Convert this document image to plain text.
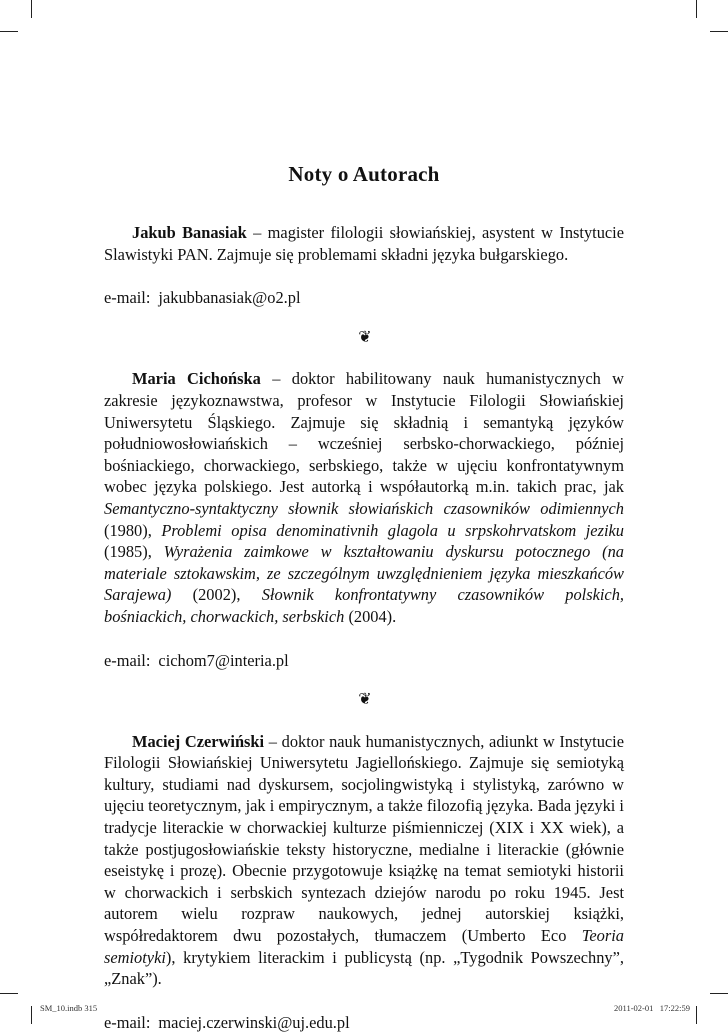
Noty o Autorach

Jakub Banasiak – magister filologii słowiańskiej, asystent w Instytucie Slawistyki PAN. Zajmuje się problemami składni języka bułgarskiego.

e-mail: jakubbanasiak@o2.pl

❦

Maria Cichońska – doktor habilitowany nauk humanistycznych w zakresie językoznawstwa, profesor w Instytucie Filologii Słowiańskiej Uniwersytetu Śląskiego. Zajmuje się składnią i semantyką języków południowosłowiańskich – wcześniej serbsko-chorwackiego, później bośniackiego, chorwackiego, serbskiego, także w ujęciu konfrontatywnym wobec języka polskiego. Jest autorką i współautorką m.in. takich prac, jak Semantyczno-syntaktyczny słownik słowiańskich czasowników odimiennych (1980), Problemi opisa denominativnih glagola u srpskohrvatskom jeziku (1985), Wyrażenia zaimkowe w kształtowaniu dyskursu potocznego (na materiale sztokawskim, ze szczególnym uwzględnieniem języka mieszkańców Sarajewa) (2002), Słownik konfrontatywny czasowników polskich, bośniackich, chorwackich, serbskich (2004).

e-mail: cichom7@interia.pl

❦

Maciej Czerwiński – doktor nauk humanistycznych, adiunkt w Instytucie Filologii Słowiańskiej Uniwersytetu Jagiellońskiego. Zajmuje się semiotyką kultury, studiami nad dyskursem, socjolingwistyką i stylistyką, zarówno w ujęciu teoretycznym, jak i empirycznym, a także filozofią języka. Bada języki i tradycje literackie w chorwackiej kulturze piśmienniczej (XIX i XX wiek), a także postjugosłowiańskie teksty historyczne, medialne i literackie (głównie eseistykę i prozę). Obecnie przygotowuje książkę na temat semiotyki historii w chorwackich i serbskich syntezach dziejów narodu po roku 1945. Jest autorem wielu rozpraw naukowych, jednej autorskiej książki, współredaktorem dwu pozostałych, tłumaczem (Umberto Eco Teoria semiotyki), krytykiem literackim i publicystą (np. „Tygodnik Powszechny”, „Znak”).

e-mail: maciej.czerwinski@uj.edu.pl

SM_10.indb 315	2011-02-01   17:22:59
